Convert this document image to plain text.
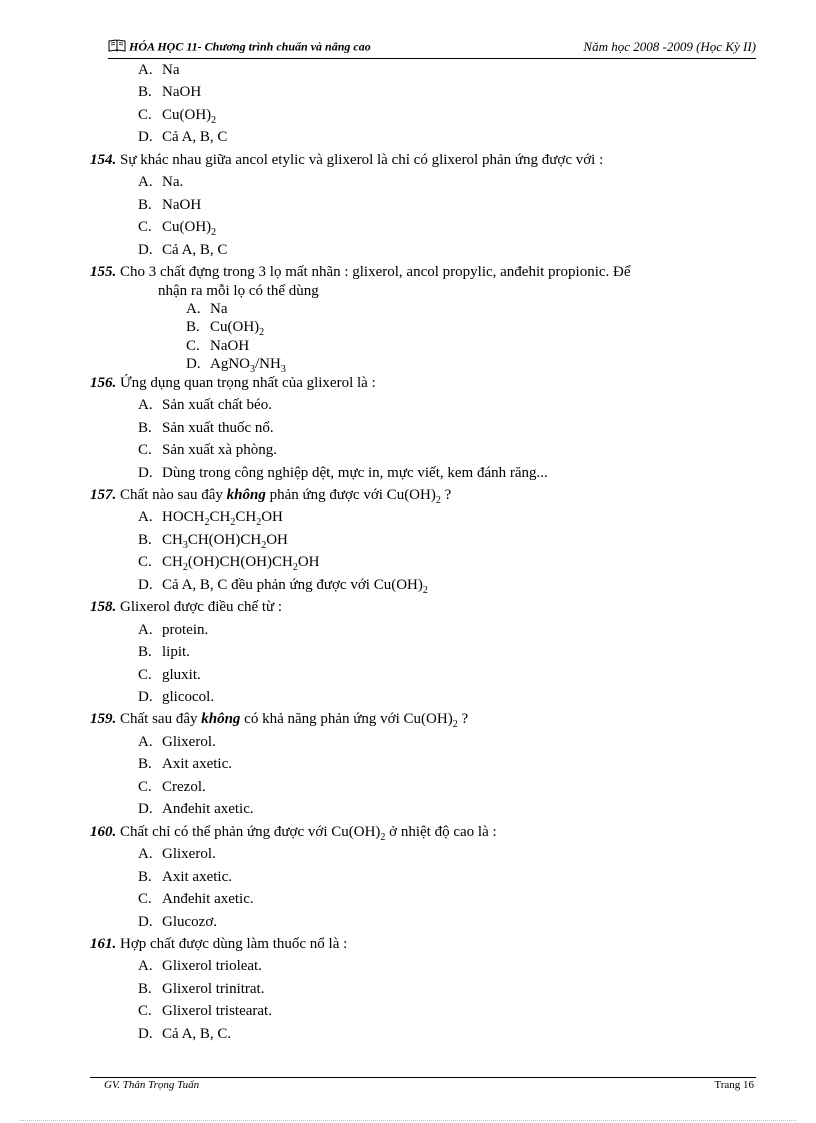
HÓA HỌC 11- Chương trình chuẩn và nâng cao	Năm học 2008 -2009 (Học Kỳ II)
A. Na
B. NaOH
C. $Cu(OH)_2$
D. Cả A, B, C
154. Sự khác nhau giữa ancol etylic và glixerol là chỉ có glixerol phản ứng được với :
A. Na.
B. NaOH
C. $Cu(OH)_2$
D. Cả A, B, C
155. Cho 3 chất đựng trong 3 lọ mất nhãn : glixerol, ancol propylic, anđehit propionic. Để
nhận ra mỗi lọ có thể dùng
A. Na
B. $Cu(OH)_2$
C. NaOH
D. $AgNO_3/NH_3$
156. Ứng dụng quan trọng nhất của glixerol là :
A. Sản xuất chất béo.
B. Sản xuất thuốc nổ.
C. Sản xuất xà phòng.
D. Dùng trong công nghiệp dệt, mực in, mực viết, kem đánh răng...
157. Chất nào sau đây không phản ứng được với $Cu(OH)_2$ ?
A. $HOCH_2CH_2CH_2OH$
B. $CH_3CH(OH)CH_2OH$
C. $CH_2(OH)CH(OH)CH_2OH$
D. Cả A, B, C đều phản ứng được với $Cu(OH)_2$
158. Glixerol được điều chế từ :
A. protein.
B. lipit.
C. gluxit.
D. glicocol.
159. Chất sau đây không có khả năng phản ứng với $Cu(OH)_2$ ?
A. Glixerol.
B. Axit axetic.
C. Crezol.
D. Anđehit axetic.
160. Chất chỉ có thể phản ứng được với $Cu(OH)_2$ ở nhiệt độ cao là :
A. Glixerol.
B. Axit axetic.
C. Anđehit axetic.
D. Glucozơ.
161. Hợp chất được dùng làm thuốc nổ là :
A. Glixerol trioleat.
B. Glixerol trinitrat.
C. Glixerol tristearat.
D. Cả A, B, C.
GV. Thân Trọng Tuấn	Trang 16
